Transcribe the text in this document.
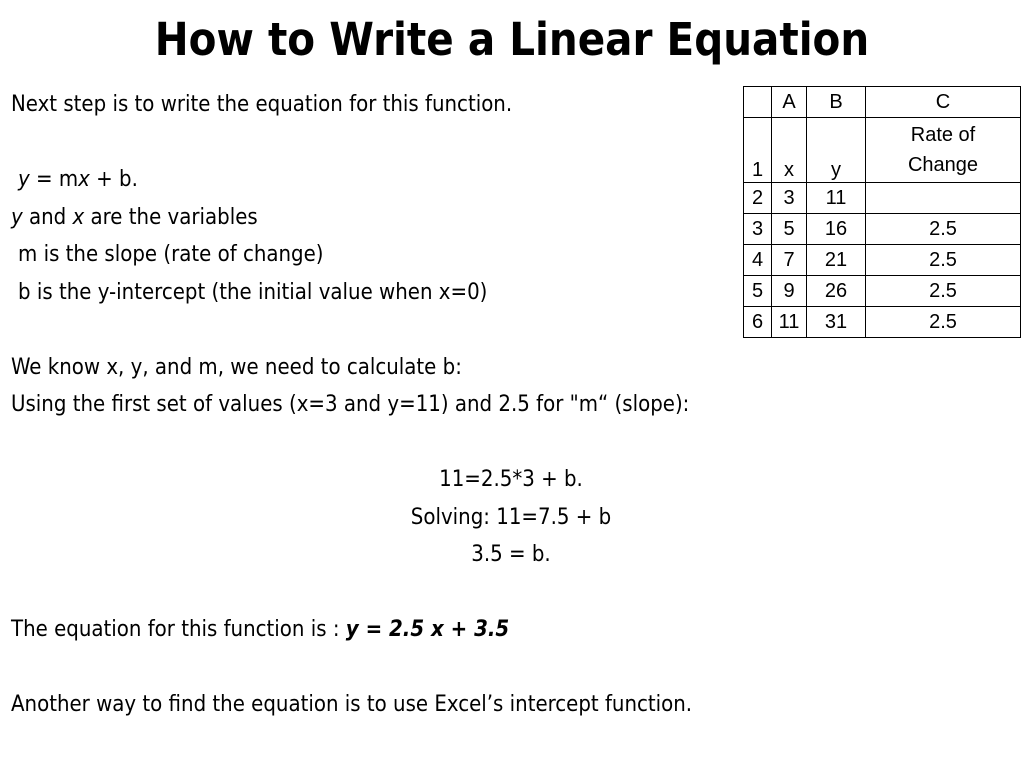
How to Write a Linear Equation
Next step is to write the equation for this function.
y = mx + b.
y and x are the variables
m is the slope (rate of change)
b is the y-intercept (the initial value when x=0)
We know x, y, and m, we need to calculate b:
Using the first set of values (x=3 and y=11) and 2.5 for "m“ (slope):
11=2.5*3 + b.
Solving: 11=7.5 + b
3.5 = b.
The equation for this function is : y = 2.5 x + 3.5
Another way to find the equation is to use Excel’s intercept function.
	A	B	C
1	x	y	Rate of
Change

2	3	11	
3	5	16	2.5
4	7	21	2.5
5	9	26	2.5
6	11	31	2.5
